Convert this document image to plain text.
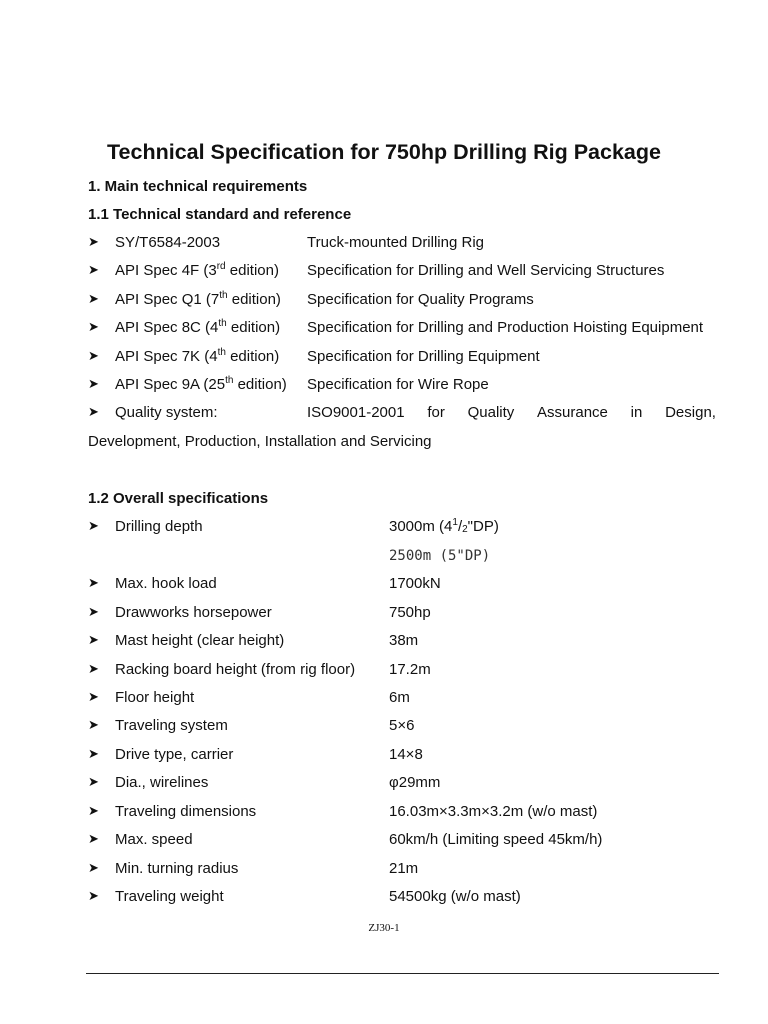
Technical Specification for 750hp Drilling Rig Package

1. Main technical requirements

1.1 Technical standard and reference

➤ SY/T6584-2003	Truck-mounted Drilling Rig
➤ API Spec 4F (3rd edition) Specification for Drilling and Well Servicing Structures
➤ API Spec Q1 (7th edition) Specification for Quality Programs
➤ API Spec 8C (4th edition) Specification for Drilling and Production Hoisting Equipment
➤ API Spec 7K (4th edition) Specification for Drilling Equipment
➤ API Spec 9A (25th edition) Specification for Wire Rope
➤ Quality system:	ISO9001-2001 for Quality Assurance in Design,
Development, Production, Installation and Servicing

1.2 Overall specifications

➤ Drilling depth	3000m $(4^1/_2"DP)$
2500m (5"DP)
➤ Max. hook load	1700kN
➤ Drawworks horsepower	750hp
➤ Mast height (clear height)	38m
➤ Racking board height (from rig floor) 17.2m
➤ Floor height	6m
➤ Traveling system	5×6
➤ Drive type, carrier	14×8
➤ Dia., wirelines	φ29mm
➤ Traveling dimensions	16.03m×3.3m×3.2m (w/o mast)
➤ Max. speed	60km/h (Limiting speed 45km/h)
➤ Min. turning radius	21m
➤ Traveling weight	54500kg (w/o mast)
ZJ30-1
